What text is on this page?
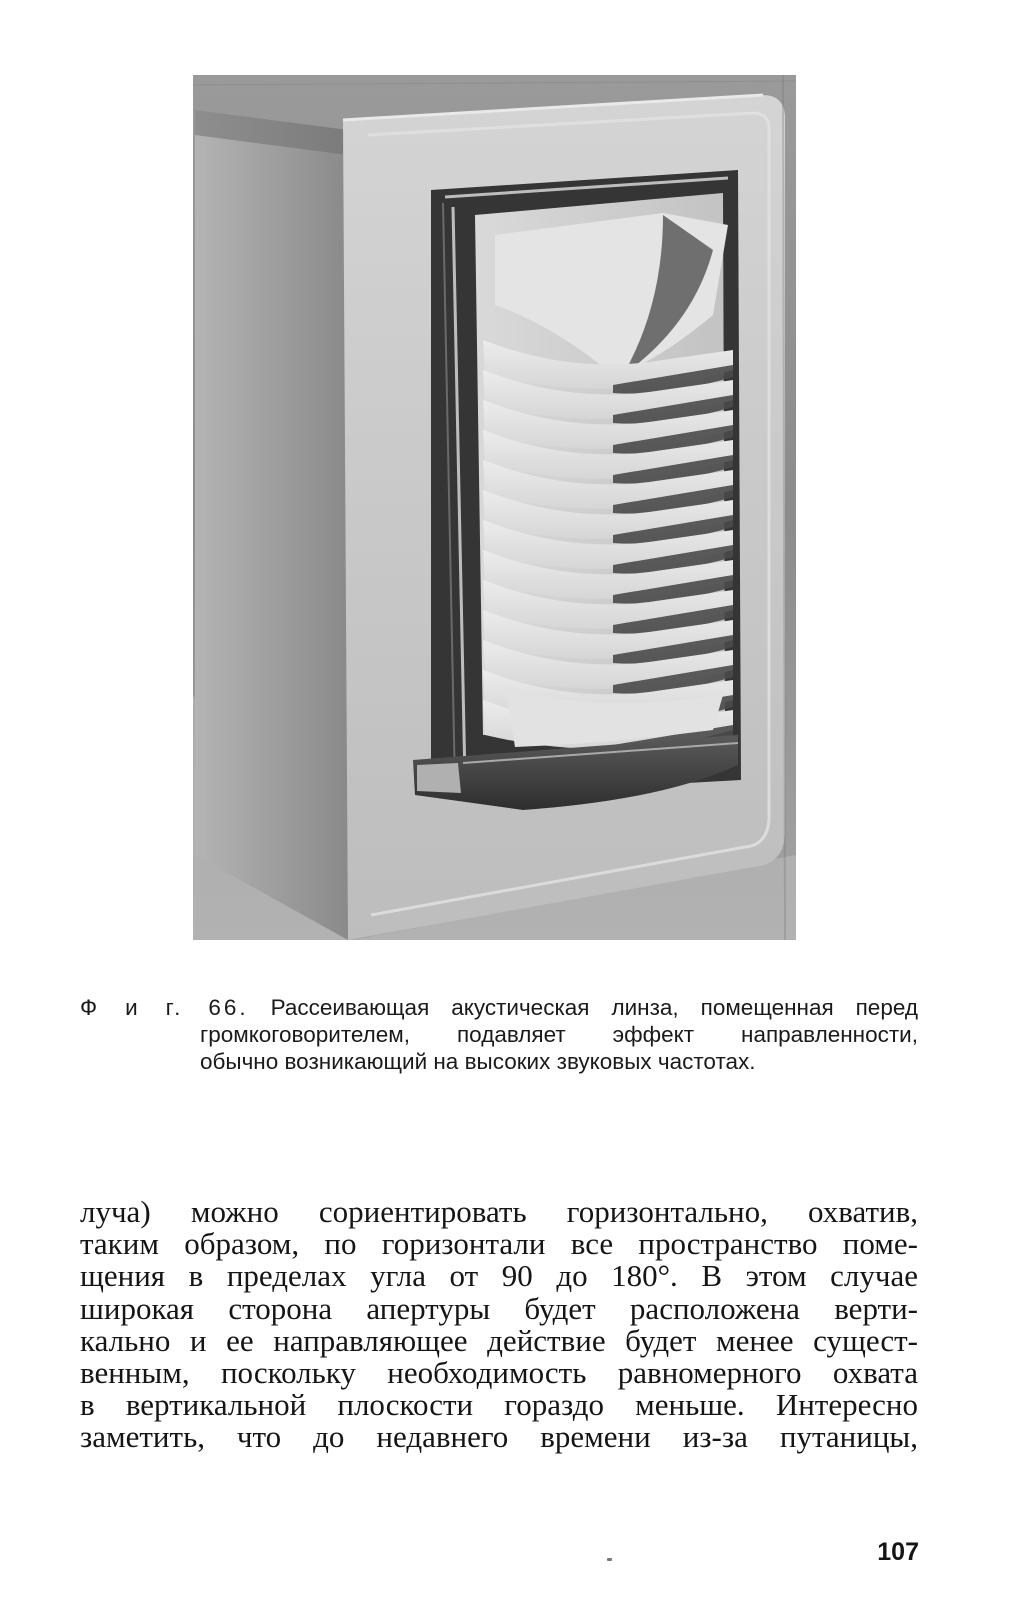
Ф и г. 66. Рассеивающая акустическая линза, помещенная перед
громкоговорителем, подавляет эффект направленности,
обычно возникающий на высоких звуковых частотах.
луча) можно сориентировать горизонтально, охватив,
таким образом, по горизонтали все пространство поме-
щения в пределах угла от 90 до 180°. В этом случае
широкая сторона апертуры будет расположена верти-
кально и ее направляющее действие будет менее сущест-
венным, поскольку необходимость равномерного охвата
в вертикальной плоскости гораздо меньше. Интересно
заметить, что до недавнего времени из-за путаницы,
107
